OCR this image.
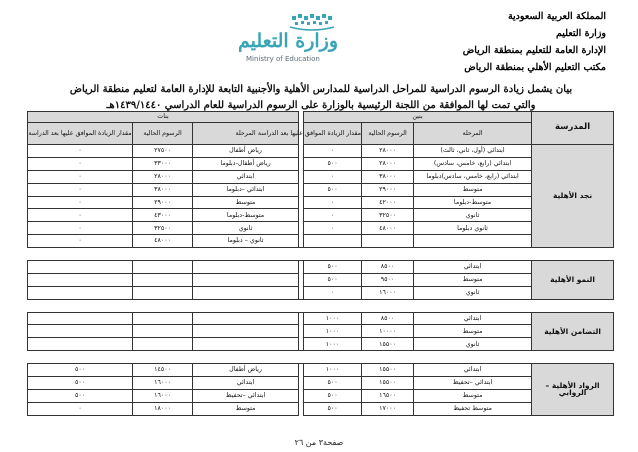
المملكة العربية السعودية
وزارة التعليم
الإدارة العامة للتعليم بمنطقة الرياض
مكتب التعليم الأهلي بمنطقة الرياض
وزارة التعليم
Ministry of Education
بيان يشمل زيادة الرسوم الدراسية للمراحل الدراسية للمدارس الأهلية والأجنبية التابعة للإدارة العامة لتعليم منطقة الرياض
والتي تمت لها الموافقة من اللجنة الرئيسية بالوزارة على الرسوم الدراسية للعام الدراسي ١٤٣٩/١٤٤٠هـ
المدرسة	بنين				بنات		
	المرحلة	الرسوم الحالية	مقدار الزيادة الموافق عليها بعد الدراسة		المرحلة	الرسوم الحالية	مقدار الزيادة الموافق عليها بعد الدراسة
نجد الأهلية	ابتدائي (أول، ثاني، ثالث)	٢٨٠٠٠	٠		رياض أطفال	٢٧٥٠٠	٠
	ابتدائي (رابع، خامس، سادس)	٢٨٠٠٠	٥٠٠		رياض أطفال-دبلوما	٣٣٠٠٠	٠
	ابتدائي (رابع، خامس، سادس)دبلوما	٣٨٠٠٠	٠		ابتدائي	٢٨٠٠٠	٠
	متوسط	٢٩٠٠٠	٥٠٠		ابتدائي –دبلوما	٣٨٠٠٠	٠
	متوسط-دبلوما	٤٢٠٠٠	٠		متوسط	٢٩٠٠٠	٠
	ثانوي	٣٢٥٠٠	٠		متوسط-دبلوما	٤٣٠٠٠	٠
	ثانوي دبلوما	٤٨٠٠٠	٠		ثانوي	٣٢٥٠٠	٠
					ثانوي – دبلوما	٤٨٠٠٠	٠

النمو الأهلية	ابتدائي	٨٥٠٠	٥٠٠				
	متوسط	٩٥٠٠	٥٠٠				
	ثانوي	١٦٠٠٠	٠				

التضامن الأهلية	ابتدائي	٨٥٠٠	١٠٠٠				
	متوسط	١٠٠٠٠	١٠٠٠				
	ثانوي	١٥٥٠٠	١٠٠٠				

الرواد الأهلية –الروابي	ابتدائي	١٥٥٠٠	١٠٠٠		رياض أطفال	١٤٥٠٠	٥٠٠
	ابتدائي –تحفيظ	١٥٥٠٠	٥٠٠		ابتدائي	١٦٠٠٠	٥٠٠
	متوسط	١٦٥٠٠	٥٠٠		ابتدائي –تحفيظ	١٦٠٠٠	٥٠٠
	متوسط تحفيظ	١٧٠٠٠	٥٠٠		متوسط	١٨٠٠٠	٠
صفحة٣ من ٢٦
